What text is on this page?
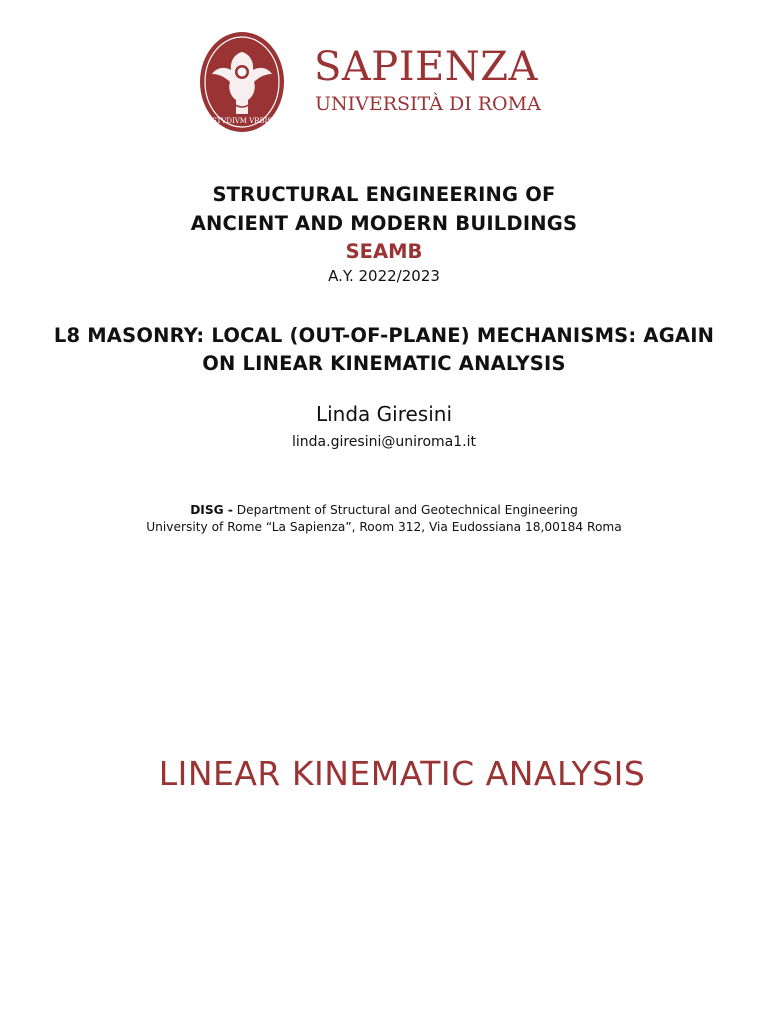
STVDIVM VRBIS
SAPIENZA
UNIVERSITÀ DI ROMA
STRUCTURAL ENGINEERING OF
ANCIENT AND MODERN BUILDINGS
SEAMB
A.Y. 2022/2023
L8 MASONRY: LOCAL (OUT-OF-PLANE) MECHANISMS: AGAIN
ON LINEAR KINEMATIC ANALYSIS
Linda Giresini
linda.giresini@uniroma1.it
DISG - Department of Structural and Geotechnical Engineering
University of Rome “La Sapienza”, Room 312, Via Eudossiana 18,00184 Roma
LINEAR KINEMATIC ANALYSIS
